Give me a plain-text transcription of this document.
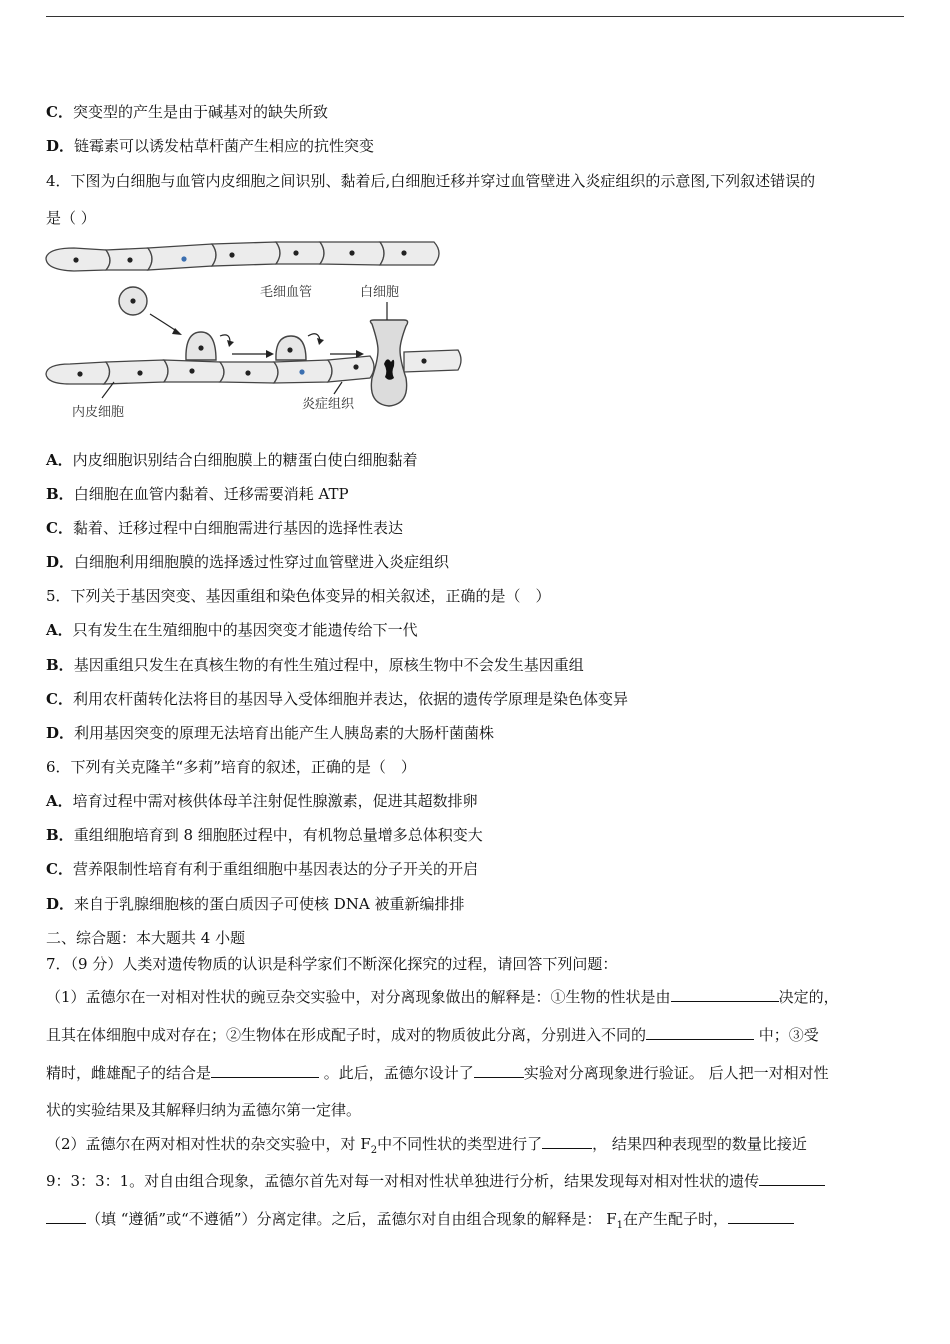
C．突变型的产生是由于碱基对的缺失所致
D．链霉素可以诱发枯草杆菌产生相应的抗性突变
4．下图为白细胞与血管内皮细胞之间识别、黏着后,白细胞迁移并穿过血管壁进入炎症组织的示意图,下列叙述错误的
是（ ）
毛细血管	白细胞
内皮细胞
炎症组织
A．内皮细胞识别结合白细胞膜上的糖蛋白使白细胞黏着
B．白细胞在血管内黏着、迁移需要消耗 ATP
C．黏着、迁移过程中白细胞需进行基因的选择性表达
D．白细胞利用细胞膜的选择透过性穿过血管壁进入炎症组织
5．下列关于基因突变、基因重组和染色体变异的相关叙述，正确的是（　）
A．只有发生在生殖细胞中的基因突变才能遗传给下一代
B．基因重组只发生在真核生物的有性生殖过程中，原核生物中不会发生基因重组
C．利用农杆菌转化法将目的基因导入受体细胞并表达，依据的遗传学原理是染色体变异
D．利用基因突变的原理无法培育出能产生人胰岛素的大肠杆菌菌株
6．下列有关克隆羊“多莉”培育的叙述，正确的是（　）
A．培育过程中需对核供体母羊注射促性腺激素，促进其超数排卵
B．重组细胞培育到 8 细胞胚过程中，有机物总量增多总体积变大
C．营养限制性培育有利于重组细胞中基因表达的分子开关的开启
D．来自于乳腺细胞核的蛋白质因子可使核 DNA 被重新编排排
二、综合题：本大题共 4 小题
7．（9 分）人类对遗传物质的认识是科学家们不断深化探究的过程，请回答下列问题：
（1）孟德尔在一对相对性状的豌豆杂交实验中，对分离现象做出的解释是：①生物的性状是由	决定的，
且其在体细胞中成对存在；②生物体在形成配子时，成对的物质彼此分离，分别进入不同的	中；③受
精时，雌雄配子的结合是	。此后，孟德尔设计了	实验对分离现象进行验证。 后人把一对相对性
状的实验结果及其解释归纳为孟德尔第一定律。
（2）孟德尔在两对相对性状的杂交实验中，对 $F_2$中不同性状的类型进行了	， 结果四种表现型的数量比接近
9：3：3：1。对自由组合现象，孟德尔首先对每一对相对性状单独进行分析，结果发现每对相对性状的遗传
（填 “遵循”或“不遵循”）分离定律。之后，孟德尔对自由组合现象的解释是： $F_1$在产生配子时，
